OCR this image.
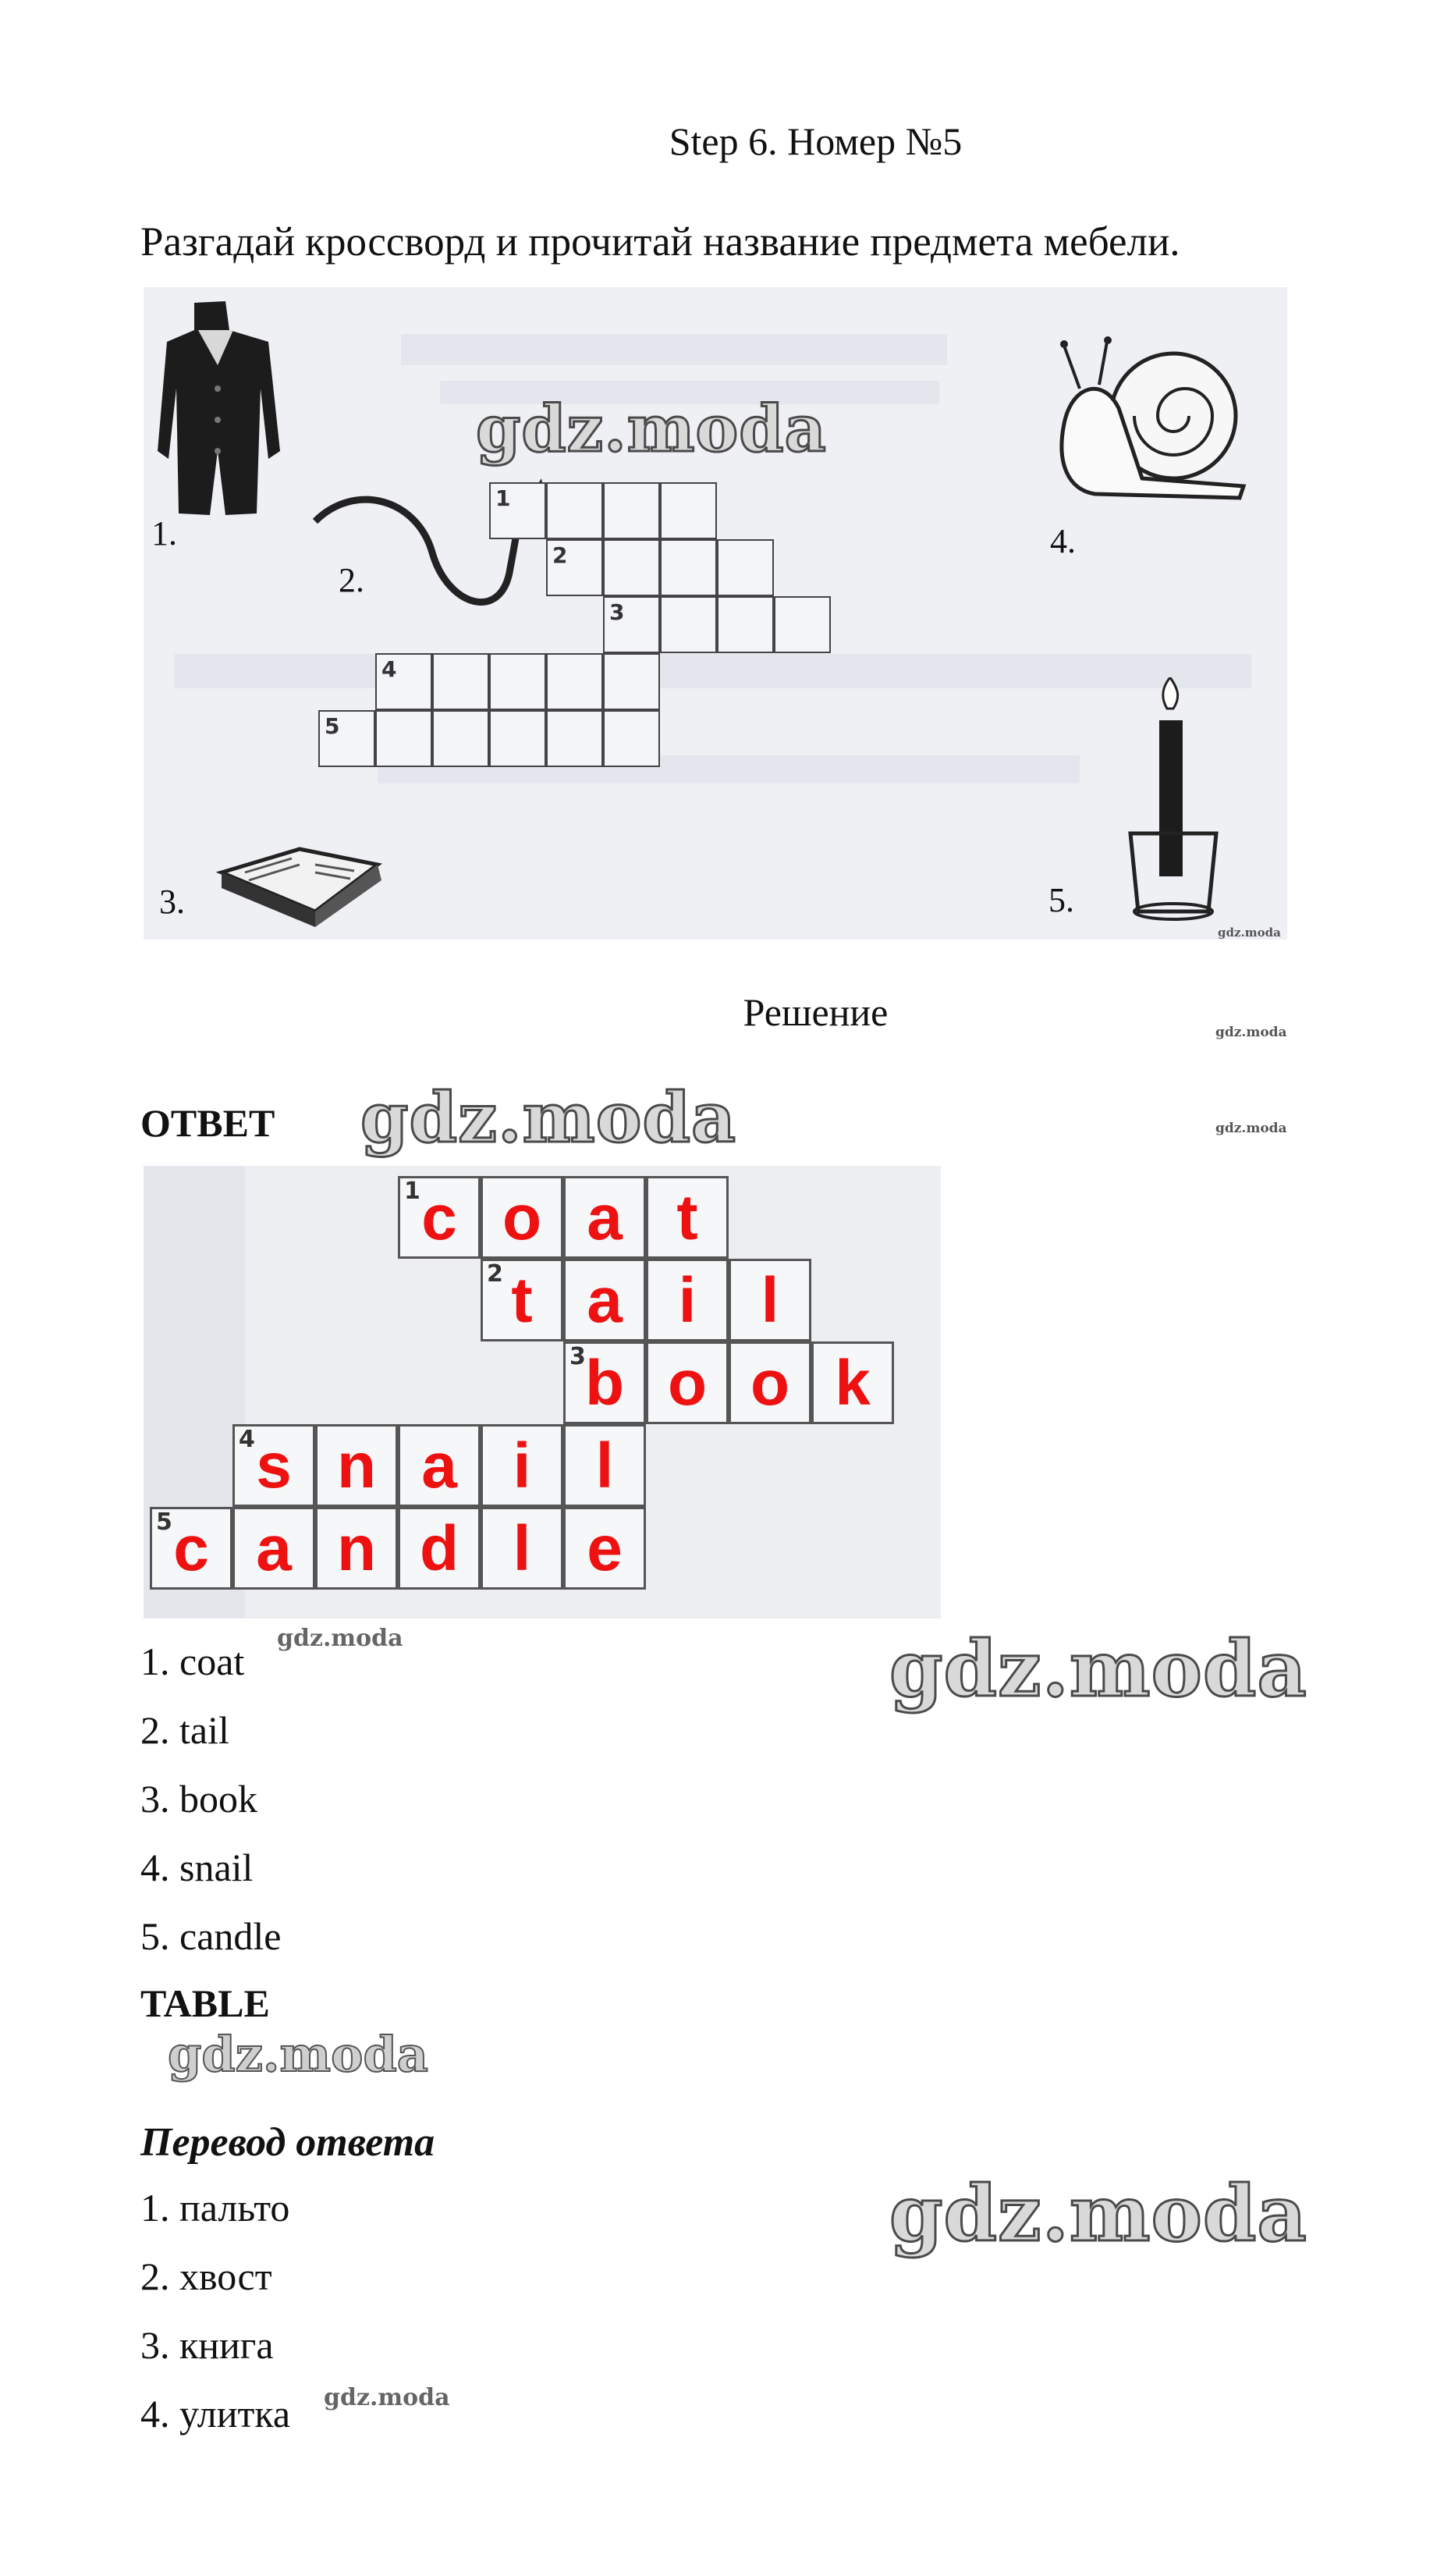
Step 6. Номер №5
Разгадай кроссворд и прочитай название предмета мебели.
1.
2.
3.
4.
5.
1
2
3
4
5
gdz.moda
gdz.moda
Решение	gdz.moda
ОТВЕТ gdz.moda	gdz.moda
c o a t
1
t a i	l
2
b o o k
3
s n a i	l
4
c a n d l e
5
gdz.moda
1. coat
2. tail
3. book
4. snail
5. candle
gdz.moda
TABLE
gdz.moda
Перевод ответа
1. пальто
2. хвост
3. книга
4. улитка gdz.moda
gdz.moda
